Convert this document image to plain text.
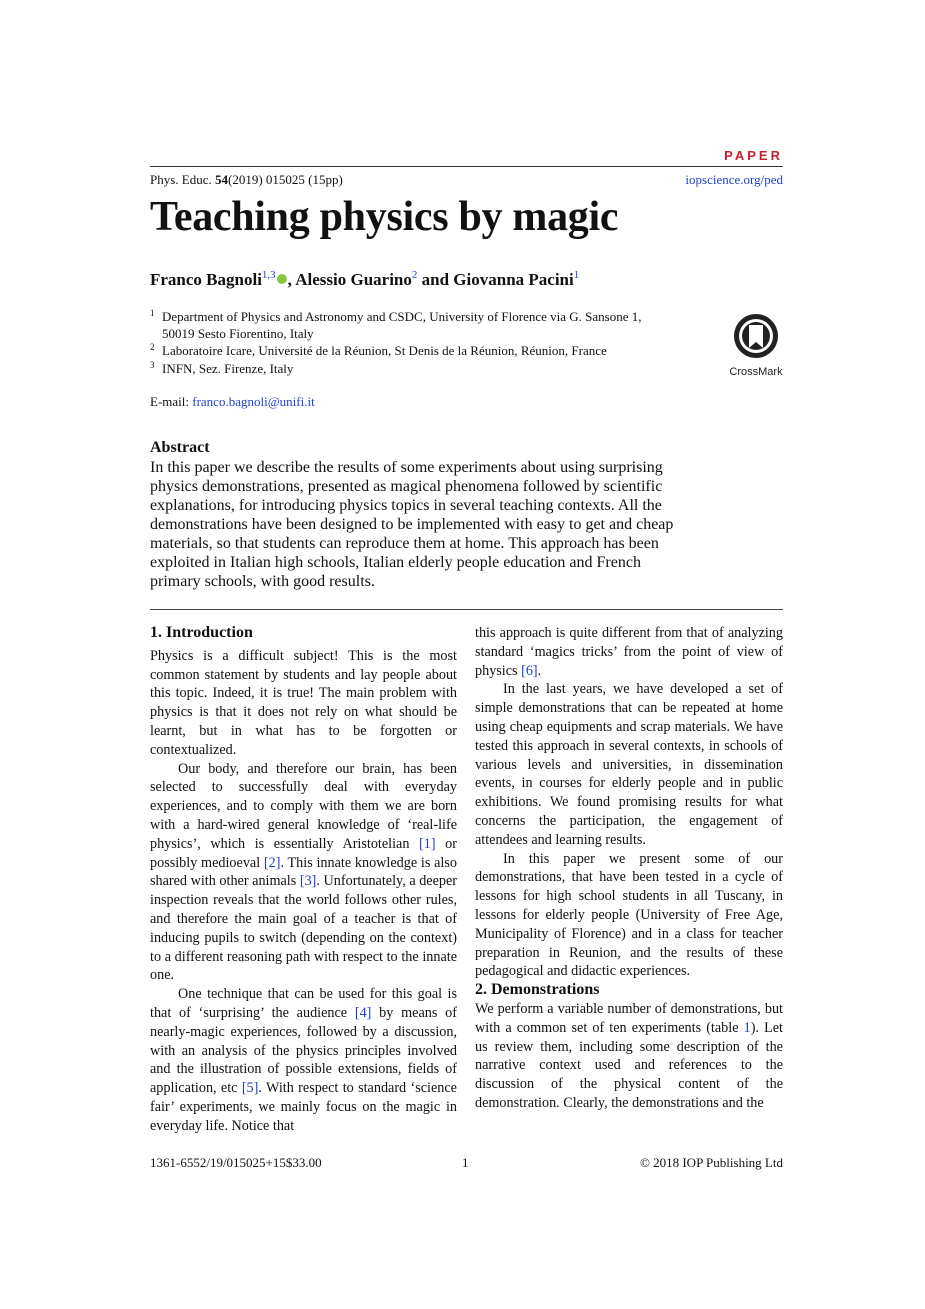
PAPER
Phys. Educ. 54(2019) 015025 (15pp)	iopscience.org/ped
Teaching physics by magic
Franco Bagnoli$^{1,3}$ , Alessio Guarino$^2$ and Giovanna Pacini$^1$
1 Department of Physics and Astronomy and CSDC, University of Florence via G. Sansone 1, 50019 Sesto Fiorentino, Italy
2 Laboratoire Icare, Université de la Réunion, St Denis de la Réunion, Réunion, France
3 INFN, Sez. Firenze, Italy	CrossMark
E-mail: franco.bagnoli@unifi.it
Abstract
In this paper we describe the results of some experiments about using surprising physics demonstrations, presented as magical phenomena followed by scientific explanations, for introducing physics topics in several teaching contexts. All the demonstrations have been designed to be implemented with easy to get and cheap materials, so that students can reproduce them at home. This approach has been exploited in Italian high schools, Italian elderly people education and French primary schools, with good results.
1. Introduction

Physics is a difficult subject! This is the most common statement by students and lay people about this topic. Indeed, it is true! The main problem with physics is that it does not rely on what should be learnt, but in what has to be forgotten or contextualized.

Our body, and therefore our brain, has been selected to successfully deal with everyday experiences, and to comply with them we are born with a hard-wired general knowledge of ‘real-life physics’, which is essentially Aristotelian [1] or possibly medioeval [2]. This innate knowledge is also shared with other animals [3]. Unfortunately, a deeper inspection reveals that the world follows other rules, and therefore the main goal of a teacher is that of inducing pupils to switch (depending on the context) to a different reasoning path with respect to the innate one.

One technique that can be used for this goal is that of ‘surprising’ the audience [4] by means of nearly-magic experiences, followed by a discussion, with an analysis of the physics principles involved and the illustration of possible extensions, fields of application, etc [5]. With respect to standard ‘science fair’ experiments, we mainly focus on the magic in everyday life. Notice that

this approach is quite different from that of analyzing standard ‘magics tricks’ from the point of view of physics [6].

In the last years, we have developed a set of simple demonstrations that can be repeated at home using cheap equipments and scrap materials. We have tested this approach in several contexts, in schools of various levels and universities, in dissemination events, in courses for elderly people and in public exhibitions. We found promising results for what concerns the participation, the engagement of attendees and learning results.

In this paper we present some of our demonstrations, that have been tested in a cycle of lessons for high school students in all Tuscany, in lessons for elderly people (University of Free Age, Municipality of Florence) and in a class for teacher preparation in Reunion, and the results of these pedagogical and didactic experiences.

2. Demonstrations

We perform a variable number of demonstrations, but with a common set of ten experiments (table 1). Let us review them, including some description of the narrative context used and references to the discussion of the physical content of the demonstration. Clearly, the demonstrations and the

1361-6552/19/015025+15$33.00	1	© 2018 IOP Publishing Ltd
